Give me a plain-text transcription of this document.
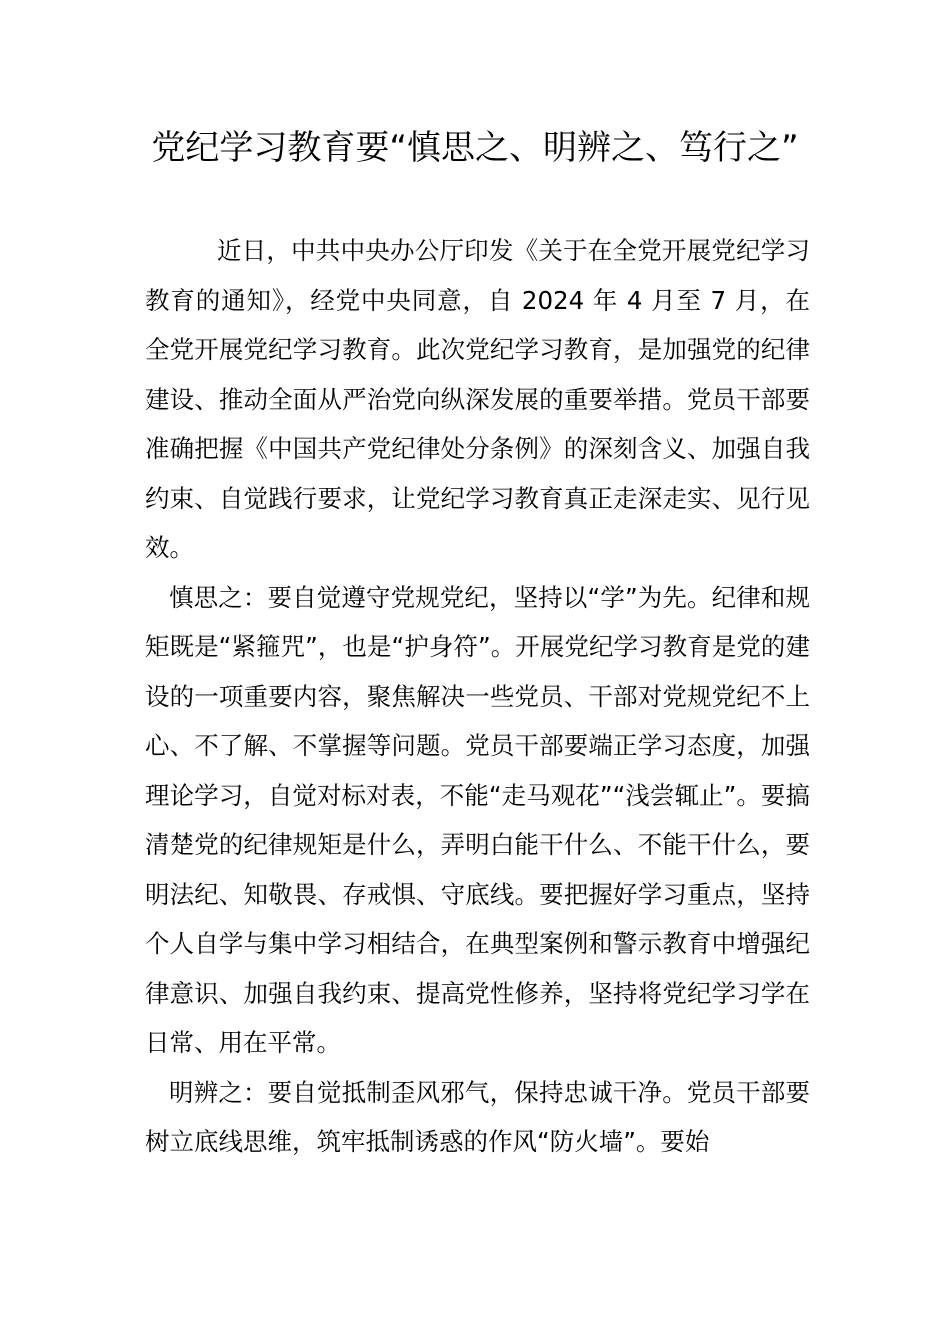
党纪学习教育要“慎思之、明辨之、笃行之”

近日，中共中央办公厅印发《关于在全党开展党纪学习教育的通知》，经党中央同意，自 2024 年 4 月至 7 月，在全党开展党纪学习教育。此次党纪学习教育，是加强党的纪律建设、推动全面从严治党向纵深发展的重要举措。党员干部要准确把握《中国共产党纪律处分条例》的深刻含义、加强自我约束、自觉践行要求，让党纪学习教育真正走深走实、见行见效。

慎思之：要自觉遵守党规党纪，坚持以“学”为先。纪律和规矩既是“紧箍咒”，也是“护身符”。开展党纪学习教育是党的建设的一项重要内容，聚焦解决一些党员、干部对党规党纪不上心、不了解、不掌握等问题。党员干部要端正学习态度，加强理论学习，自觉对标对表，不能“走马观花”“浅尝辄止”。要搞清楚党的纪律规矩是什么，弄明白能干什么、不能干什么，要明法纪、知敬畏、存戒惧、守底线。要把握好学习重点，坚持个人自学与集中学习相结合，在典型案例和警示教育中增强纪律意识、加强自我约束、提高党性修养，坚持将党纪学习学在日常、用在平常。

明辨之：要自觉抵制歪风邪气，保持忠诚干净。党员干部要树立底线思维，筑牢抵制诱惑的作风“防火墙”。要始
